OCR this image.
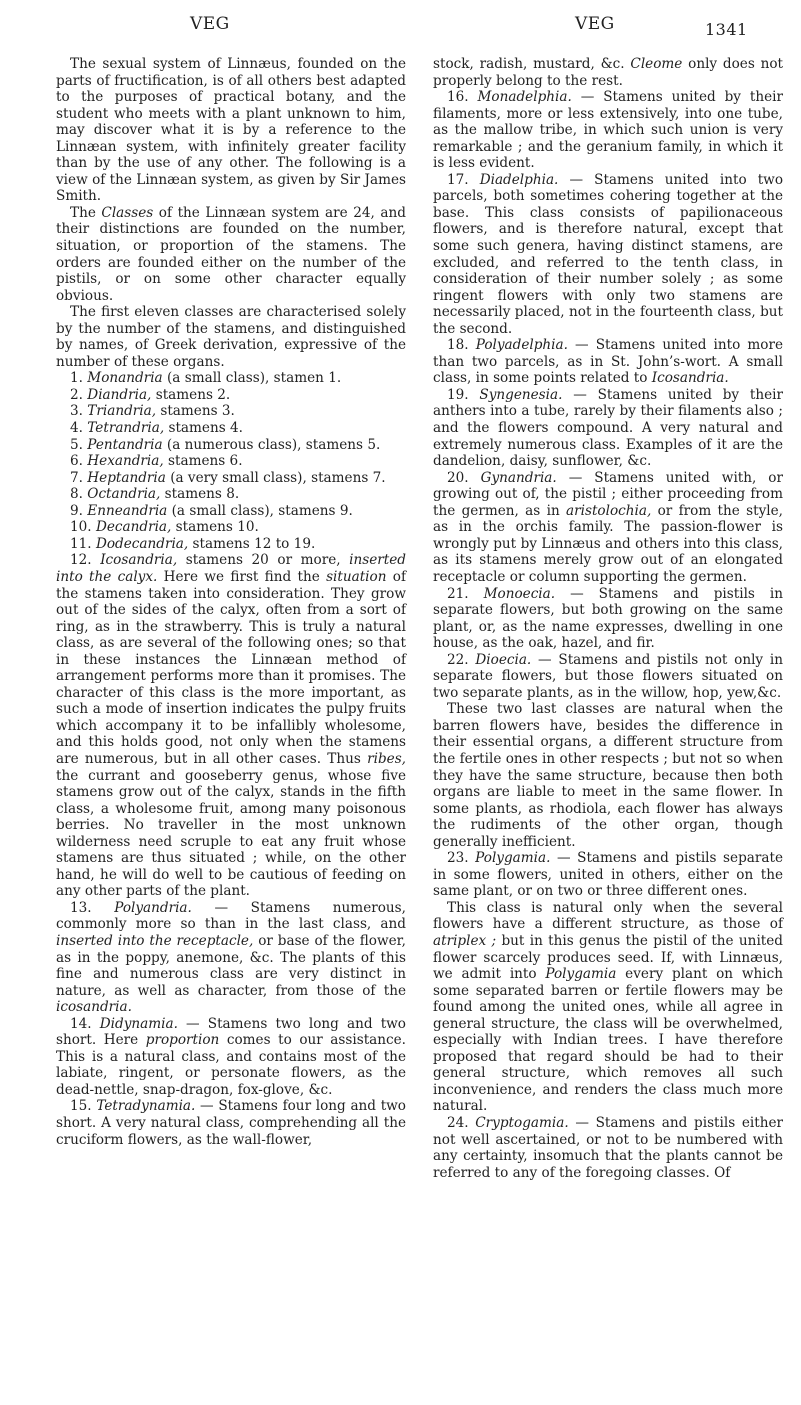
VEG	VEG	1341

The sexual system of Linnæus, founded on the parts of fructification, is of all others best adapted to the purposes of practical botany, and the student who meets with a plant unknown to him, may discover what it is by a reference to the Linnæan system, with infinitely greater facility than by the use of any other. The following is a view of the Linnæan system, as given by Sir James Smith.

The Classes of the Linnæan system are 24, and their distinctions are founded on the number, situation, or proportion of the stamens. The orders are founded either on the number of the pistils, or on some other character equally obvious.

The first eleven classes are characterised solely by the number of the stamens, and distinguished by names, of Greek derivation, expressive of the number of these organs.

1. Monandria (a small class), stamen 1.

2. Diandria, stamens 2.

3. Triandria, stamens 3.

4. Tetrandria, stamens 4.

5. Pentandria (a numerous class), stamens 5.

6. Hexandria, stamens 6.

7. Heptandria (a very small class), stamens 7.

8. Octandria, stamens 8.

9. Enneandria (a small class), stamens 9.

10. Decandria, stamens 10.

11. Dodecandria, stamens 12 to 19.

12. Icosandria, stamens 20 or more, inserted into the calyx. Here we first find the situation of the stamens taken into consideration. They grow out of the sides of the calyx, often from a sort of ring, as in the strawberry. This is truly a natural class, as are several of the following ones; so that in these instances the Linnæan method of arrangement performs more than it promises. The character of this class is the more important, as such a mode of insertion indicates the pulpy fruits which accompany it to be infallibly wholesome, and this holds good, not only when the stamens are numerous, but in all other cases. Thus ribes, the currant and gooseberry genus, whose five stamens grow out of the calyx, stands in the fifth class, a wholesome fruit, among many poisonous berries. No traveller in the most unknown wilderness need scruple to eat any fruit whose stamens are thus situated ; while, on the other hand, he will do well to be cautious of feeding on any other parts of the plant.

13. Polyandria. — Stamens numerous, commonly more so than in the last class, and inserted into the receptacle, or base of the flower, as in the poppy, anemone, &c. The plants of this fine and numerous class are very distinct in nature, as well as character, from those of the icosandria.

14. Didynamia. — Stamens two long and two short. Here proportion comes to our assistance. This is a natural class, and contains most of the labiate, ringent, or personate flowers, as the dead-nettle, snap-dragon, fox-glove, &c.

15. Tetradynamia. — Stamens four long and two short. A very natural class, comprehending all the cruciform flowers, as the wall-flower,

stock, radish, mustard, &c. Cleome only does not properly belong to the rest.

16. Monadelphia. — Stamens united by their filaments, more or less extensively, into one tube, as the mallow tribe, in which such union is very remarkable ; and the geranium family, in which it is less evident.

17. Diadelphia. — Stamens united into two parcels, both sometimes cohering together at the base. This class consists of papilionaceous flowers, and is therefore natural, except that some such genera, having distinct stamens, are excluded, and referred to the tenth class, in consideration of their number solely ; as some ringent flowers with only two stamens are necessarily placed, not in the fourteenth class, but the second.

18. Polyadelphia. — Stamens united into more than two parcels, as in St. John’s-wort. A small class, in some points related to Icosandria.

19. Syngenesia. — Stamens united by their anthers into a tube, rarely by their filaments also ; and the flowers compound. A very natural and extremely numerous class. Examples of it are the dandelion, daisy, sunflower, &c.

20. Gynandria. — Stamens united with, or growing out of, the pistil ; either proceeding from the germen, as in aristolochia, or from the style, as in the orchis family. The passion-flower is wrongly put by Linnæus and others into this class, as its stamens merely grow out of an elongated receptacle or column supporting the germen.

21. Monoecia. — Stamens and pistils in separate flowers, but both growing on the same plant, or, as the name expresses, dwelling in one house, as the oak, hazel, and fir.

22. Dioecia. — Stamens and pistils not only in separate flowers, but those flowers situated on two separate plants, as in the willow, hop, yew,&c.

These two last classes are natural when the barren flowers have, besides the difference in their essential organs, a different structure from the fertile ones in other respects ; but not so when they have the same structure, because then both organs are liable to meet in the same flower. In some plants, as rhodiola, each flower has always the rudiments of the other organ, though generally inefficient.

23. Polygamia. — Stamens and pistils separate in some flowers, united in others, either on the same plant, or on two or three different ones.

This class is natural only when the several flowers have a different structure, as those of atriplex ; but in this genus the pistil of the united flower scarcely produces seed. If, with Linnæus, we admit into Polygamia every plant on which some separated barren or fertile flowers may be found among the united ones, while all agree in general structure, the class will be overwhelmed, especially with Indian trees. I have therefore proposed that regard should be had to their general structure, which removes all such inconvenience, and renders the class much more natural.

24. Cryptogamia. — Stamens and pistils either not well ascertained, or not to be numbered with any certainty, insomuch that the plants cannot be referred to any of the foregoing classes. Of
